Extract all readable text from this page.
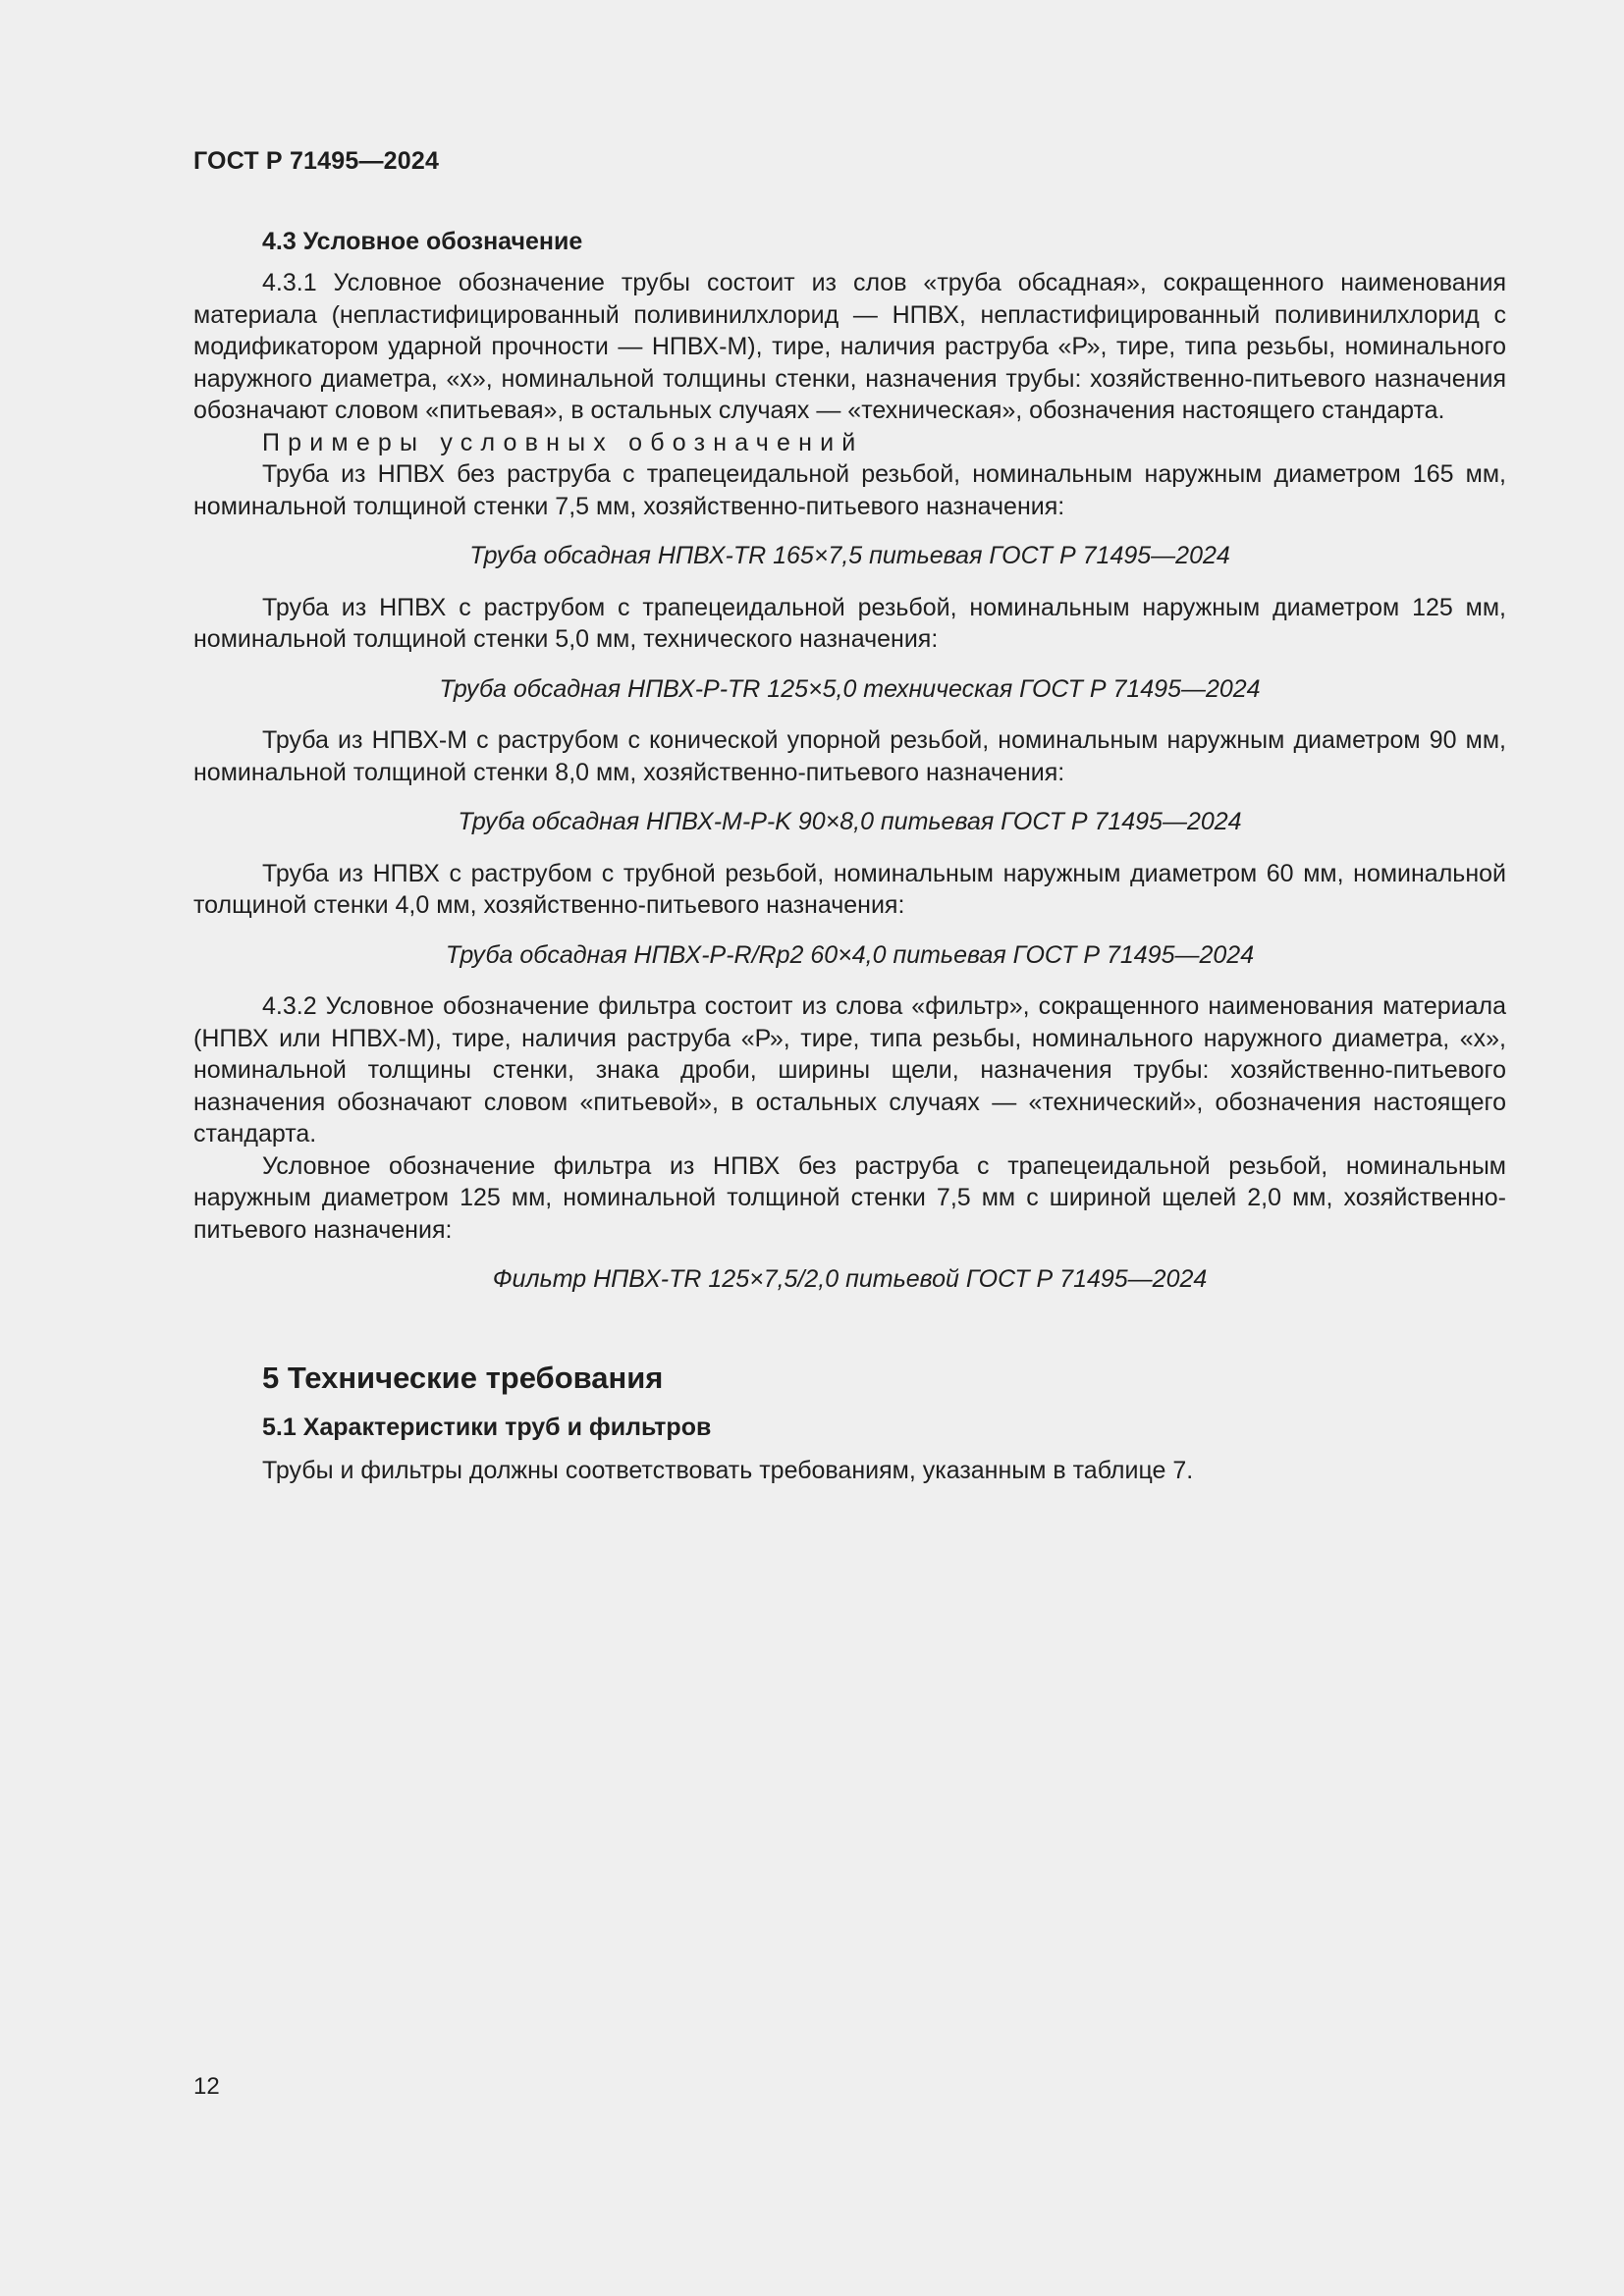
ГОСТ Р 71495—2024
4.3 Условное обозначение

4.3.1 Условное обозначение трубы состоит из слов «труба обсадная», сокращенного наименования материала (непластифицированный поливинилхлорид — НПВХ, непластифицированный поливинилхлорид с модификатором ударной прочности — НПВХ-М), тире, наличия раструба «Р», тире, типа резьбы, номинального наружного диаметра, «х», номинальной толщины стенки, назначения трубы: хозяйственно-питьевого назначения обозначают словом «питьевая», в остальных случаях — «техническая», обозначения настоящего стандарта.

Примеры условных обозначений

Труба из НПВХ без раструба с трапецеидальной резьбой, номинальным наружным диаметром 165 мм, номинальной толщиной стенки 7,5 мм, хозяйственно-питьевого назначения:

Труба обсадная НПВХ-TR 165×7,5 питьевая ГОСТ Р 71495—2024

Труба из НПВХ с раструбом с трапецеидальной резьбой, номинальным наружным диаметром 125 мм, номинальной толщиной стенки 5,0 мм, технического назначения:

Труба обсадная НПВХ-Р-TR 125×5,0 техническая ГОСТ Р 71495—2024

Труба из НПВХ-М с раструбом с конической упорной резьбой, номинальным наружным диаметром 90 мм, номинальной толщиной стенки 8,0 мм, хозяйственно-питьевого назначения:

Труба обсадная НПВХ-М-Р-K 90×8,0 питьевая ГОСТ Р 71495—2024

Труба из НПВХ с раструбом с трубной резьбой, номинальным наружным диаметром 60 мм, номинальной толщиной стенки 4,0 мм, хозяйственно-питьевого назначения:

Труба обсадная НПВХ-Р-R/Rp2 60×4,0 питьевая ГОСТ Р 71495—2024

4.3.2 Условное обозначение фильтра состоит из слова «фильтр», сокращенного наименования материала (НПВХ или НПВХ-М), тире, наличия раструба «Р», тире, типа резьбы, номинального наружного диаметра, «х», номинальной толщины стенки, знака дроби, ширины щели, назначения трубы: хозяйственно-питьевого назначения обозначают словом «питьевой», в остальных случаях — «технический», обозначения настоящего стандарта.

Условное обозначение фильтра из НПВХ без раструба с трапецеидальной резьбой, номинальным наружным диаметром 125 мм, номинальной толщиной стенки 7,5 мм с шириной щелей 2,0 мм, хозяйственно-питьевого назначения:

Фильтр НПВХ-TR 125×7,5/2,0 питьевой ГОСТ Р 71495—2024

5 Технические требования
5.1 Характеристики труб и фильтров

Трубы и фильтры должны соответствовать требованиям, указанным в таблице 7.

12
